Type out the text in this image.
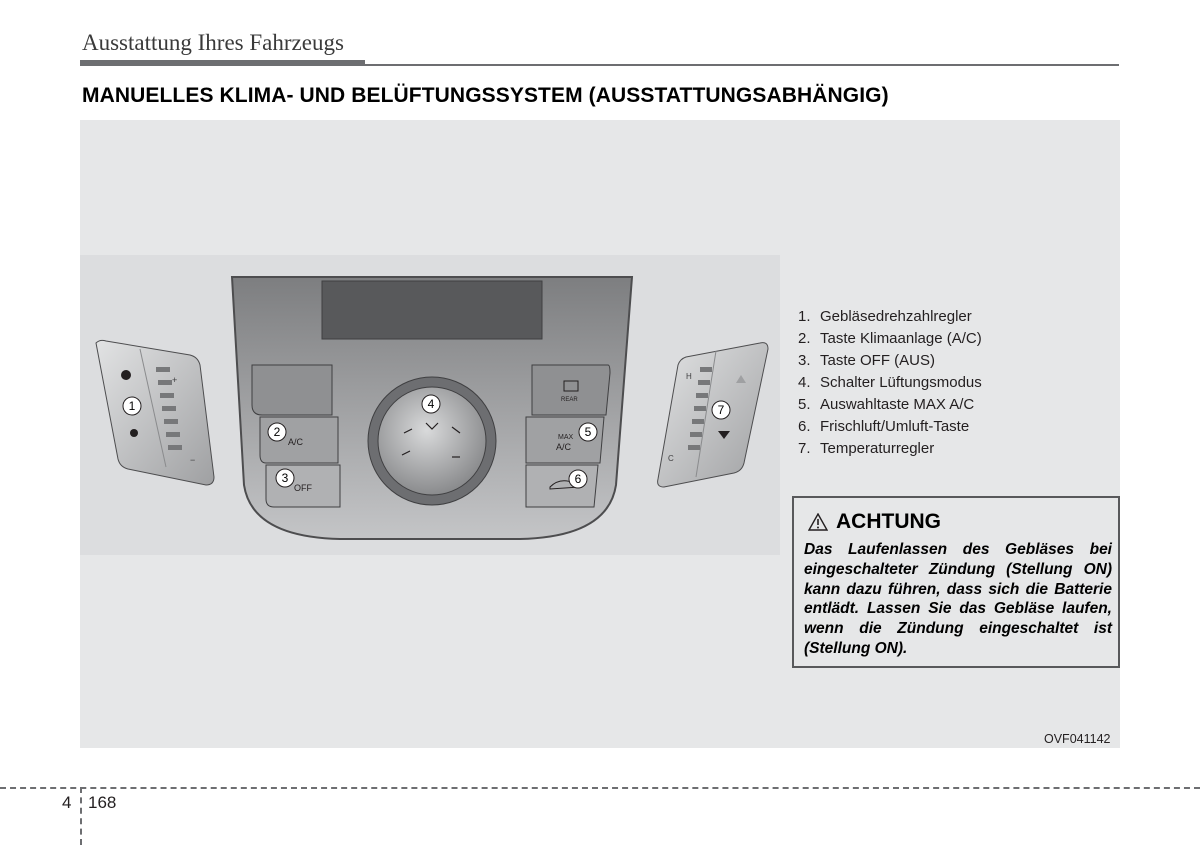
Ausstattung Ihres Fahrzeugs
MANUELLES KLIMA- UND BELÜFTUNGSSYSTEM (AUSSTATTUNGSABHÄNGIG)
A/C
OFF
REAR
MAX
A/C
+
−
H
C
1
2
3
4
5
6
7
1. Gebläsedrehzahlregler
2. Taste Klimaanlage (A/C)
3. Taste OFF (AUS)
4. Schalter Lüftungsmodus
5. Auswahltaste MAX A/C
6. Frischluft/Umluft-Taste
7. Temperaturregler
ACHTUNG
Das Laufenlassen des Gebläses bei eingeschalteter Zündung (Stellung ON) kann dazu führen, dass sich die Batterie entlädt. Lassen Sie das Gebläse laufen, wenn die Zündung eingeschaltet ist (Stellung ON).
OVF041142
4 168
